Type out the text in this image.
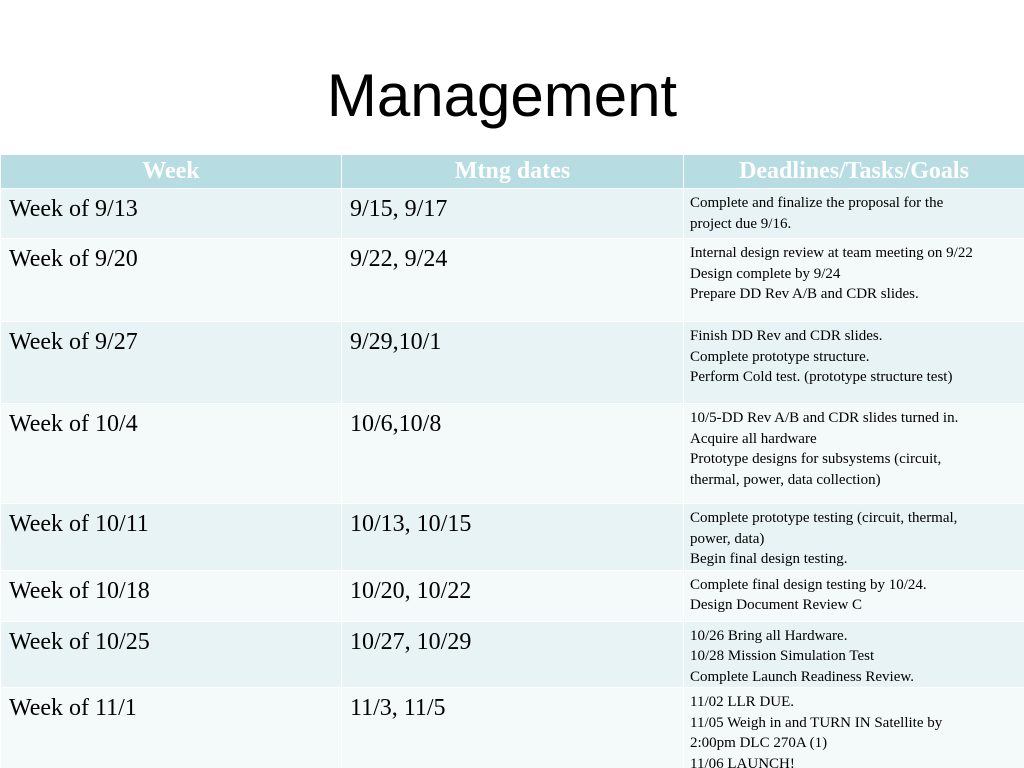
Management
Week	Mtng dates	Deadlines/Tasks/Goals

Week of 9/13	9/15, 9/17	Complete and finalize the proposal for the
project due 9/16.

Week of 9/20	9/22, 9/24	Internal design review at team meeting on 9/22
Design complete by 9/24
Prepare DD Rev A/B and CDR slides.

Week of 9/27	9/29,10/1	Finish DD Rev and CDR slides.
Complete prototype structure.
Perform Cold test. (prototype structure test)

Week of 10/4	10/6,10/8	10/5-DD Rev A/B and CDR slides turned in.
Acquire all hardware
Prototype designs for subsystems (circuit,
thermal, power, data collection)

Week of 10/11	10/13, 10/15	Complete prototype testing (circuit, thermal,
power, data)
Begin final design testing.

Week of 10/18	10/20, 10/22	Complete final design testing by 10/24.
Design Document Review C

Week of 10/25	10/27, 10/29	10/26 Bring all Hardware.
10/28 Mission Simulation Test
Complete Launch Readiness Review.

Week of 11/1	11/3, 11/5	11/02 LLR DUE.
11/05 Weigh in and TURN IN Satellite by
2:00pm DLC 270A (1)
11/06 LAUNCH!
